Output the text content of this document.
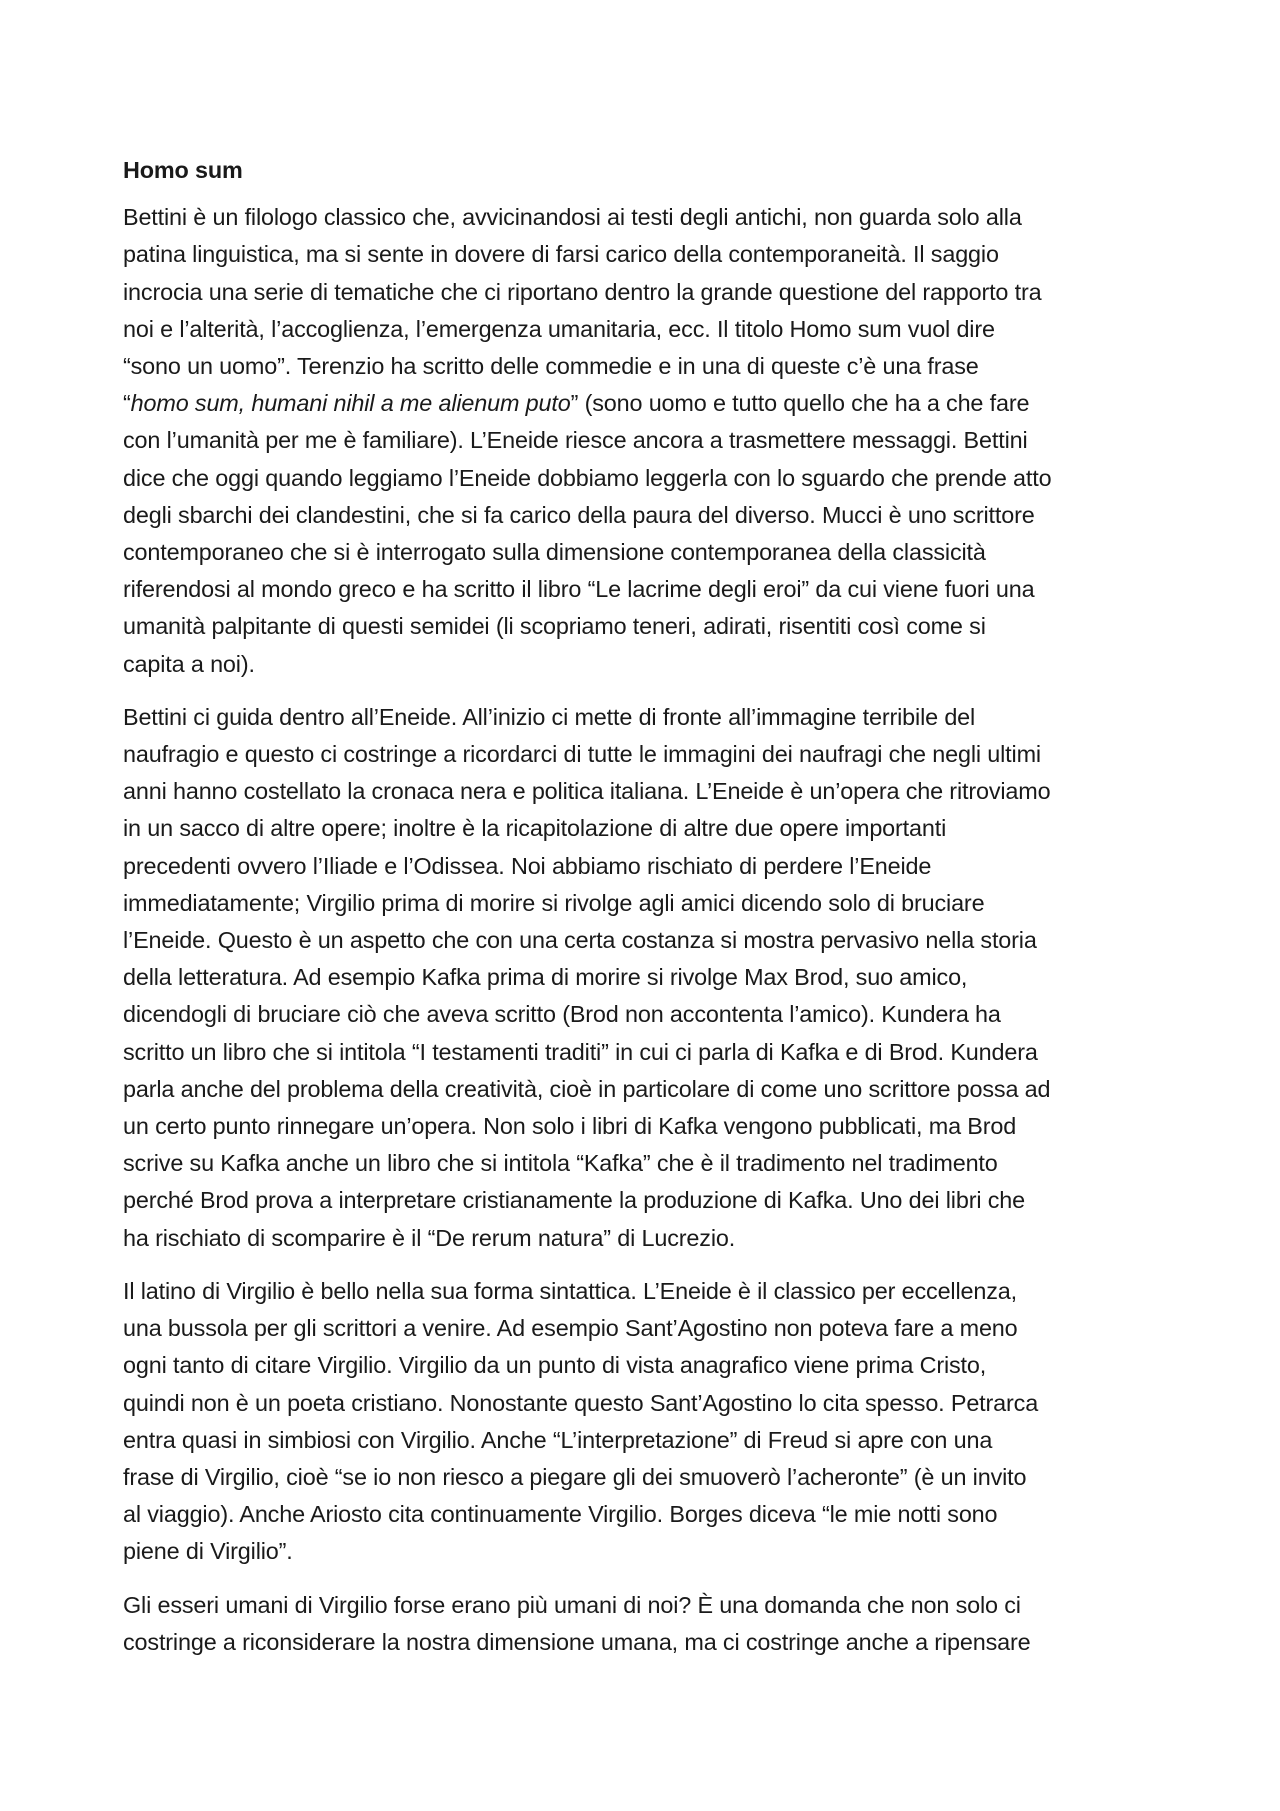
Homo sum
Bettini è un filologo classico che, avvicinandosi ai testi degli antichi, non guarda solo alla
patina linguistica, ma si sente in dovere di farsi carico della contemporaneità. Il saggio
incrocia una serie di tematiche che ci riportano dentro la grande questione del rapporto tra
noi e l’alterità, l’accoglienza, l’emergenza umanitaria, ecc. Il titolo Homo sum vuol dire
“sono un uomo”. Terenzio ha scritto delle commedie e in una di queste c’è una frase
“homo sum, humani nihil a me alienum puto” (sono uomo e tutto quello che ha a che fare
con l’umanità per me è familiare). L’Eneide riesce ancora a trasmettere messaggi. Bettini
dice che oggi quando leggiamo l’Eneide dobbiamo leggerla con lo sguardo che prende atto
degli sbarchi dei clandestini, che si fa carico della paura del diverso. Mucci è uno scrittore
contemporaneo che si è interrogato sulla dimensione contemporanea della classicità
riferendosi al mondo greco e ha scritto il libro “Le lacrime degli eroi” da cui viene fuori una
umanità palpitante di questi semidei (li scopriamo teneri, adirati, risentiti così come si
capita a noi).
Bettini ci guida dentro all’Eneide. All’inizio ci mette di fronte all’immagine terribile del
naufragio e questo ci costringe a ricordarci di tutte le immagini dei naufragi che negli ultimi
anni hanno costellato la cronaca nera e politica italiana. L’Eneide è un’opera che ritroviamo
in un sacco di altre opere; inoltre è la ricapitolazione di altre due opere importanti
precedenti ovvero l’Iliade e l’Odissea. Noi abbiamo rischiato di perdere l’Eneide
immediatamente; Virgilio prima di morire si rivolge agli amici dicendo solo di bruciare
l’Eneide. Questo è un aspetto che con una certa costanza si mostra pervasivo nella storia
della letteratura. Ad esempio Kafka prima di morire si rivolge Max Brod, suo amico,
dicendogli di bruciare ciò che aveva scritto (Brod non accontenta l’amico). Kundera ha
scritto un libro che si intitola “I testamenti traditi” in cui ci parla di Kafka e di Brod. Kundera
parla anche del problema della creatività, cioè in particolare di come uno scrittore possa ad
un certo punto rinnegare un’opera. Non solo i libri di Kafka vengono pubblicati, ma Brod
scrive su Kafka anche un libro che si intitola “Kafka” che è il tradimento nel tradimento
perché Brod prova a interpretare cristianamente la produzione di Kafka. Uno dei libri che
ha rischiato di scomparire è il “De rerum natura” di Lucrezio.
Il latino di Virgilio è bello nella sua forma sintattica. L’Eneide è il classico per eccellenza,
una bussola per gli scrittori a venire. Ad esempio Sant’Agostino non poteva fare a meno
ogni tanto di citare Virgilio. Virgilio da un punto di vista anagrafico viene prima Cristo,
quindi non è un poeta cristiano. Nonostante questo Sant’Agostino lo cita spesso. Petrarca
entra quasi in simbiosi con Virgilio. Anche “L’interpretazione” di Freud si apre con una
frase di Virgilio, cioè “se io non riesco a piegare gli dei smuoverò l’acheronte” (è un invito
al viaggio). Anche Ariosto cita continuamente Virgilio. Borges diceva “le mie notti sono
piene di Virgilio”.
Gli esseri umani di Virgilio forse erano più umani di noi? È una domanda che non solo ci
costringe a riconsiderare la nostra dimensione umana, ma ci costringe anche a ripensare
